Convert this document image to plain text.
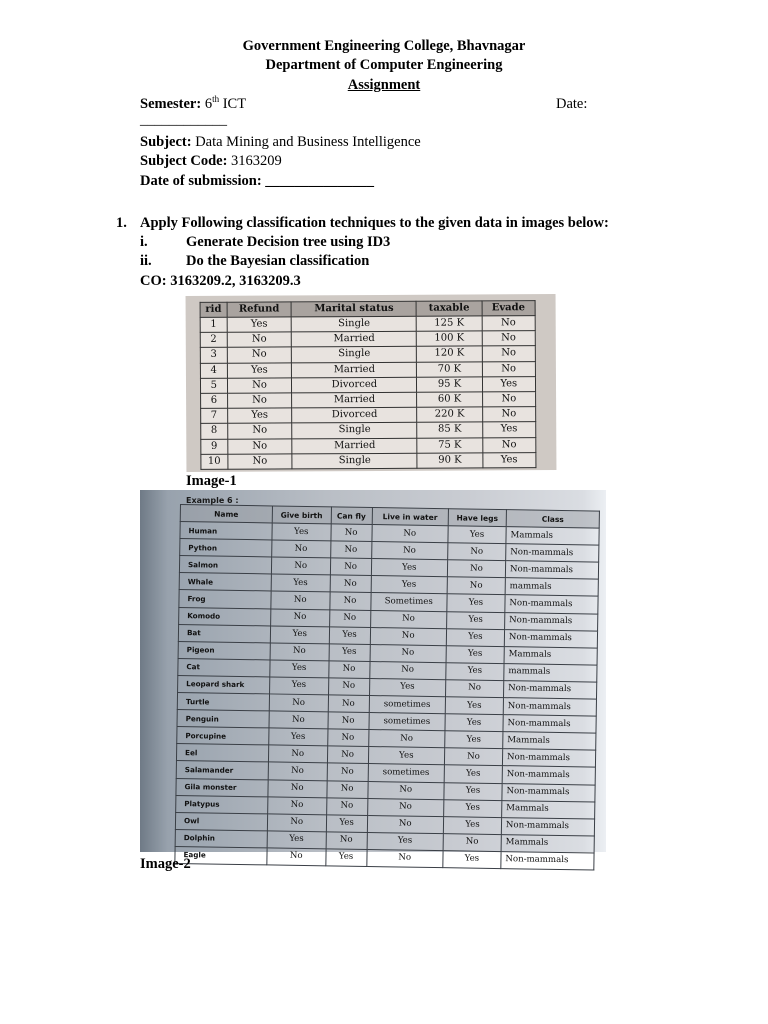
Government Engineering College, Bhavnagar
Department of Computer Engineering
Assignment
Semester: 6th ICT	Date:
____________
Subject: Data Mining and Business Intelligence
Subject Code: 3163209
Date of submission: _______________
1. Apply Following classification techniques to the given data in images below:
i.	Generate Decision tree using ID3
ii. Do the Bayesian classification
CO: 3163209.2, 3163209.3
rid	Refund	Marital status	taxable	Evade
1	Yes	Single	125 K	No
2	No	Married	100 K	No
3	No	Single	120 K	No
4	Yes	Married	70 K	No
5	No	Divorced	95 K	Yes
6	No	Married	60 K	No
7	Yes	Divorced	220 K	No
8	No	Single	85 K	Yes
9	No	Married	75 K	No
10	No	Single	90 K	Yes
Image-1
Example 6 :
Name	Give birth	Can fly	Live in water	Have legs	Class
Human	Yes	No	No	Yes	Mammals
Python	No	No	No	No	Non-mammals
Salmon	No	No	Yes	No	Non-mammals
Whale	Yes	No	Yes	No	mammals
Frog	No	No	Sometimes	Yes	Non-mammals
Komodo	No	No	No	Yes	Non-mammals
Bat	Yes	Yes	No	Yes	Non-mammals
Pigeon	No	Yes	No	Yes	Mammals
Cat	Yes	No	No	Yes	mammals
Leopard shark	Yes	No	Yes	No	Non-mammals
Turtle	No	No	sometimes	Yes	Non-mammals
Penguin	No	No	sometimes	Yes	Non-mammals
Porcupine	Yes	No	No	Yes	Mammals
Eel	No	No	Yes	No	Non-mammals
Salamander	No	No	sometimes	Yes	Non-mammals
Gila monster	No	No	No	Yes	Non-mammals
Platypus	No	No	No	Yes	Mammals
Owl	No	Yes	No	Yes	Non-mammals
Dolphin	Yes	No	Yes	No	Mammals
Eagle	No	Yes	No	Yes	Non-mammals
Image-2
